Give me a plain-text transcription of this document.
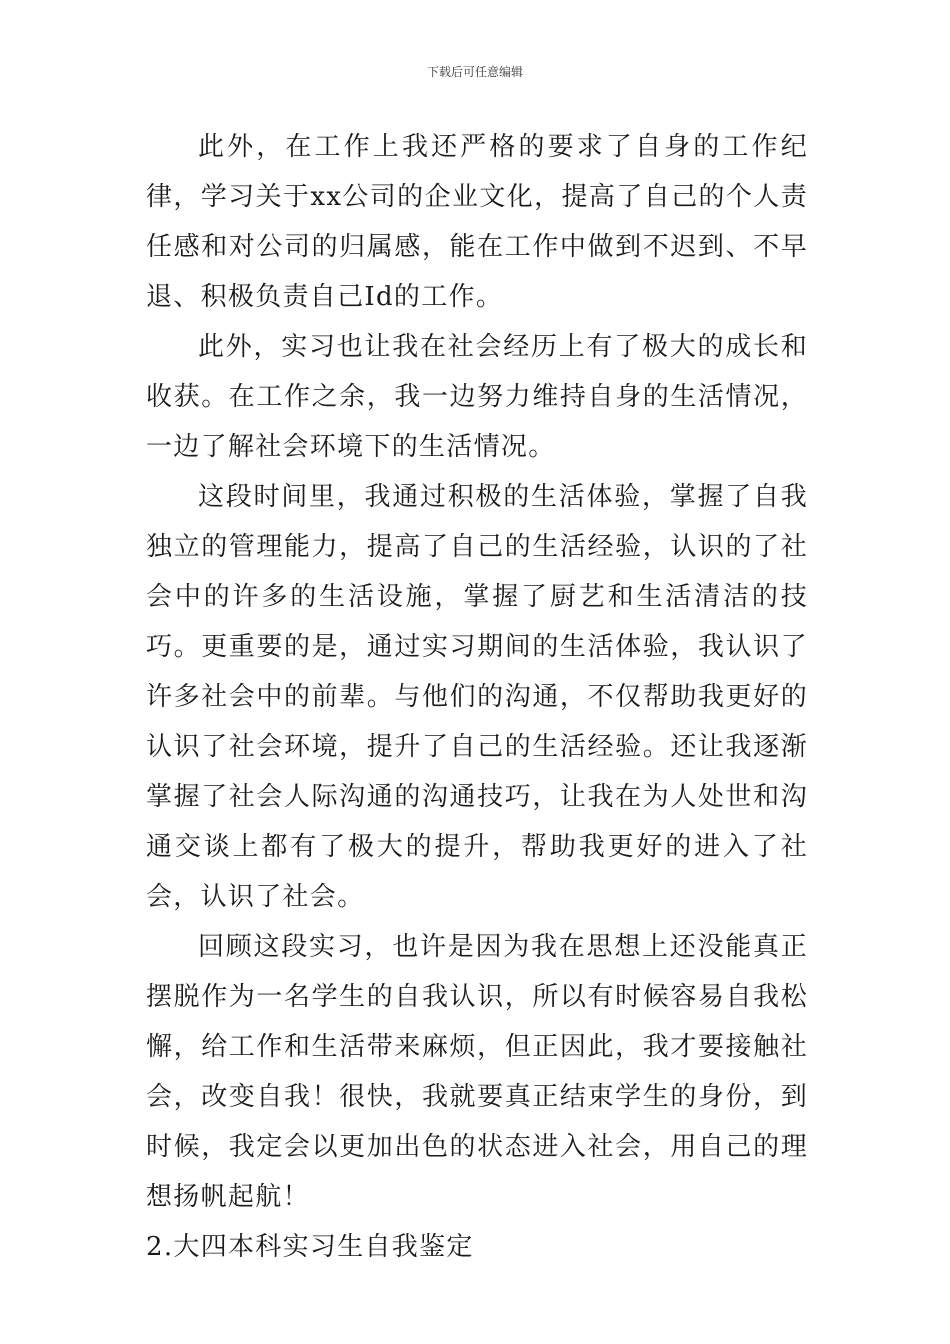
下载后可任意编辑

此外，在工作上我还严格的要求了自身的工作纪律，学习关于xx公司的企业文化，提高了自己的个人责任感和对公司的归属感，能在工作中做到不迟到、不早退、积极负责自己Id的工作。

此外，实习也让我在社会经历上有了极大的成长和收获。在工作之余，我一边努力维持自身的生活情况，一边了解社会环境下的生活情况。

这段时间里，我通过积极的生活体验，掌握了自我独立的管理能力，提高了自己的生活经验，认识的了社会中的许多的生活设施，掌握了厨艺和生活清洁的技巧。更重要的是，通过实习期间的生活体验，我认识了许多社会中的前辈。与他们的沟通，不仅帮助我更好的认识了社会环境，提升了自己的生活经验。还让我逐渐掌握了社会人际沟通的沟通技巧，让我在为人处世和沟通交谈上都有了极大的提升，帮助我更好的进入了社会，认识了社会。

回顾这段实习，也许是因为我在思想上还没能真正摆脱作为一名学生的自我认识，所以有时候容易自我松懈，给工作和生活带来麻烦，但正因此，我才要接触社会，改变自我！很快，我就要真正结束学生的身份，到时候，我定会以更加出色的状态进入社会，用自己的理想扬帆起航！

2.大四本科实习生自我鉴定
